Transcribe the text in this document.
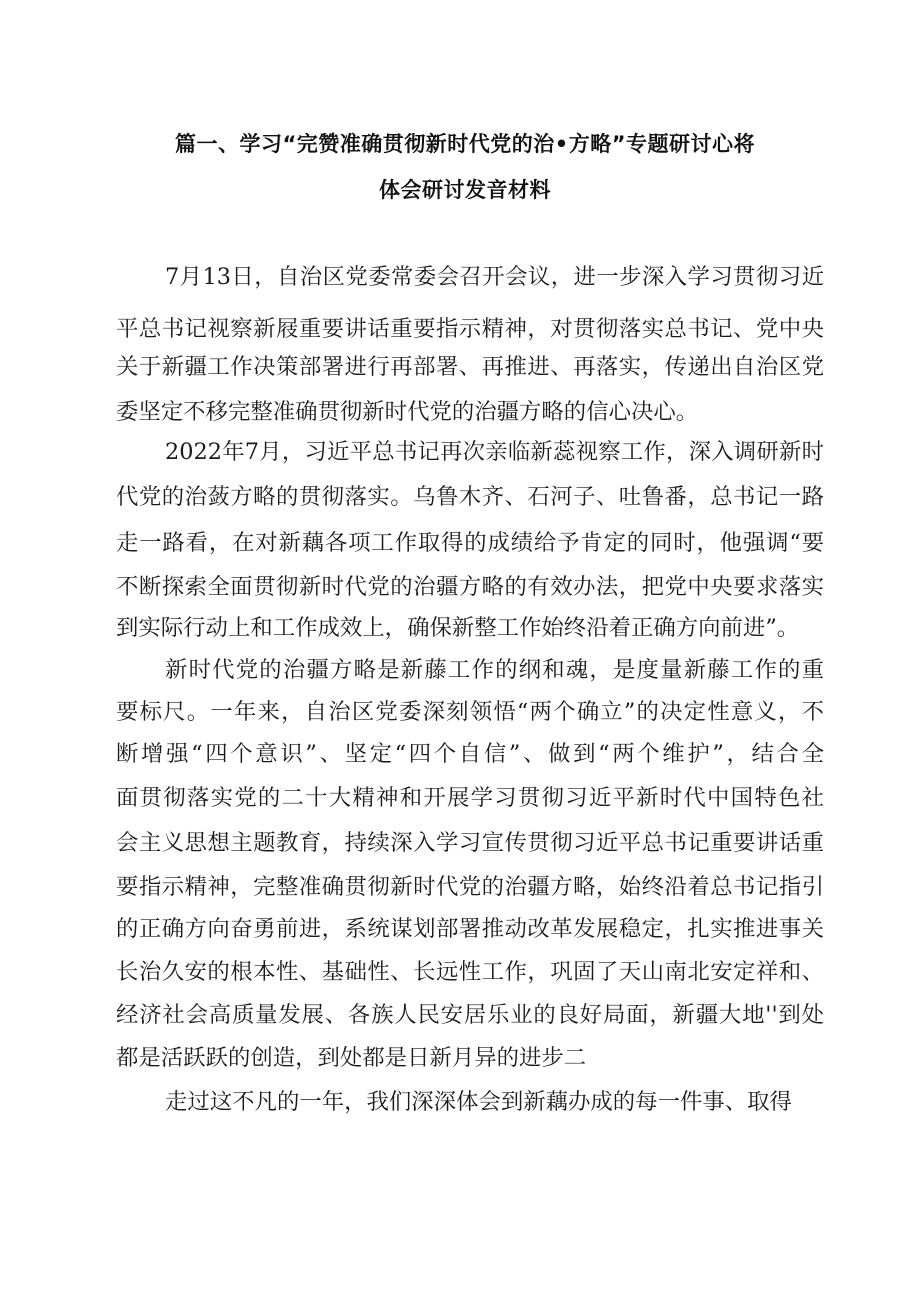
篇一、学习“完赞准确贯彻新时代党的治•方略”专题研讨心将
体会研讨发音材料
7月13日，自治区党委常委会召开会议，进一步深入学习贯彻习近
平总书记视察新屐重要讲话重要指示精神，对贯彻落实总书记、党中央
关于新疆工作决策部署进行再部署、再推进、再落实，传递出自治区党
委坚定不移完整准确贯彻新时代党的治疆方略的信心决心。
2022年7月，习近平总书记再次亲临新蕊视察工作，深入调研新时
代党的治蔹方略的贯彻落实。乌鲁木齐、石河子、吐鲁番，总书记一路
走一路看，在对新藕各项工作取得的成绩给予肯定的同时，他强调“要
不断探索全面贯彻新时代党的治疆方略的有效办法，把党中央要求落实
到实际行动上和工作成效上，确保新整工作始终沿着正确方向前进”。
新时代党的治疆方略是新藤工作的纲和魂，是度量新藤工作的重
要标尺。一年来，自治区党委深刻领悟“两个确立”的决定性意义，不
断增强“四个意识”、坚定“四个自信”、做到“两个维护”，结合全
面贯彻落实党的二十大精神和开展学习贯彻习近平新时代中国特色社
会主义思想主题教育，持续深入学习宣传贯彻习近平总书记重要讲话重
要指示精神，完整准确贯彻新时代党的治疆方略，始终沿着总书记指引
的正确方向奋勇前进，系统谋划部署推动改革发展稳定，扎实推进事关
长治久安的根本性、基础性、长远性工作，巩固了天山南北安定祥和、
经济社会高质量发展、各族人民安居乐业的良好局面，新疆大地''到处
都是活跃跃的创造，到处都是日新月异的进步二
走过这不凡的一年，我们深深体会到新藕办成的每一件事、取得
